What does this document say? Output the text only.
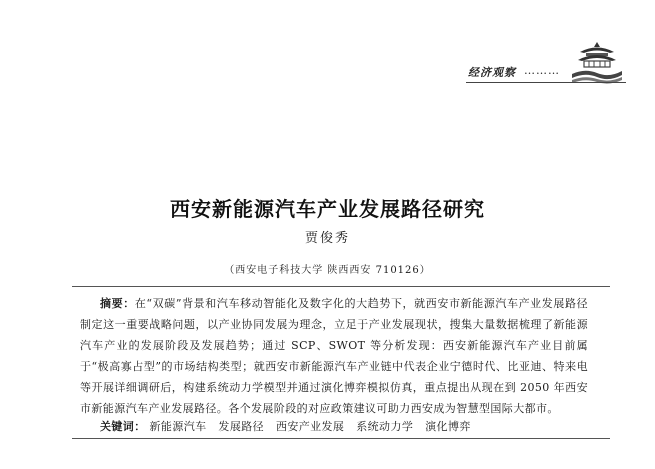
经济观察 ………
西安新能源汽车产业发展路径研究
贾俊秀
（西安电子科技大学 陕西西安 710126）

摘要：在“双碳”背景和汽车移动智能化及数字化的大趋势下，就西安市新能源汽车产业发展路径制定这一重要战略问题，以产业协同发展为理念，立足于产业发展现状，搜集大量数据梳理了新能源汽车产业的发展阶段及发展趋势；通过 SCP、SWOT 等分析发现：西安新能源汽车产业目前属于“极高寡占型”的市场结构类型；就西安市新能源汽车产业链中代表企业宁德时代、比亚迪、特来电等开展详细调研后，构建系统动力学模型并通过演化博弈模拟仿真，重点提出从现在到 2050 年西安市新能源汽车产业发展路径。各个发展阶段的对应政策建议可助力西安成为智慧型国际大都市。

关键词： 新能源汽车 发展路径 西安产业发展 系统动力学 演化博弈
